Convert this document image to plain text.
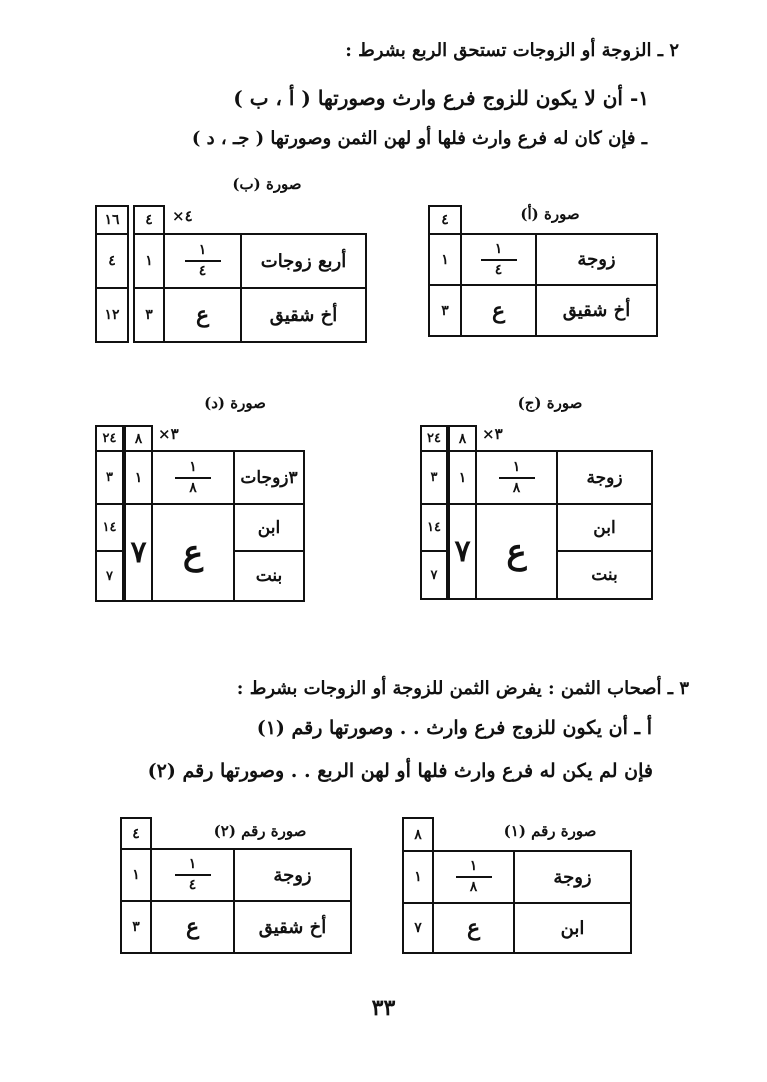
٢ ـ الزوجة أو الزوجات تستحق الربع بشرط :
١- أن لا يكون للزوج فرع وارث وصورتها ( أ ، ب )
ـ فإن كان له فرع وارث فلها أو لهن الثمن وصورتها ( جـ ، د )
صورة (ب)
×٤
أربع زوجات
أخ شقيق
١
٤
ع
٤
١
٣
١٦
٤
١٢
صورة (أ)
زوجة
أخ شقيق
١
٤
ع
٤
١
٣
صورة (د)
×٣
٣زوجات
ابن
بنت
١
٨
ع
٨
١
٧
٢٤
٣
١٤
٧
صورة (ج)
×٣
زوجة
ابن
بنت
١
٨
ع
٨
١
٧
٢٤
٣
١٤
٧
٣ ـ أصحاب الثمن : يفرض الثمن للزوجة أو الزوجات بشرط :
أ ـ أن يكون للزوج فرع وارث . . وصورتها رقم (١)
فإن لم يكن له فرع وارث فلها أو لهن الربع . . وصورتها رقم (٢)
صورة رقم (٢)
زوجة
أخ شقيق
١
٤
ع
٤
١
٣
صورة رقم (١)
زوجة
ابن
١
٨
ع
٨
١
٧
٣٣
